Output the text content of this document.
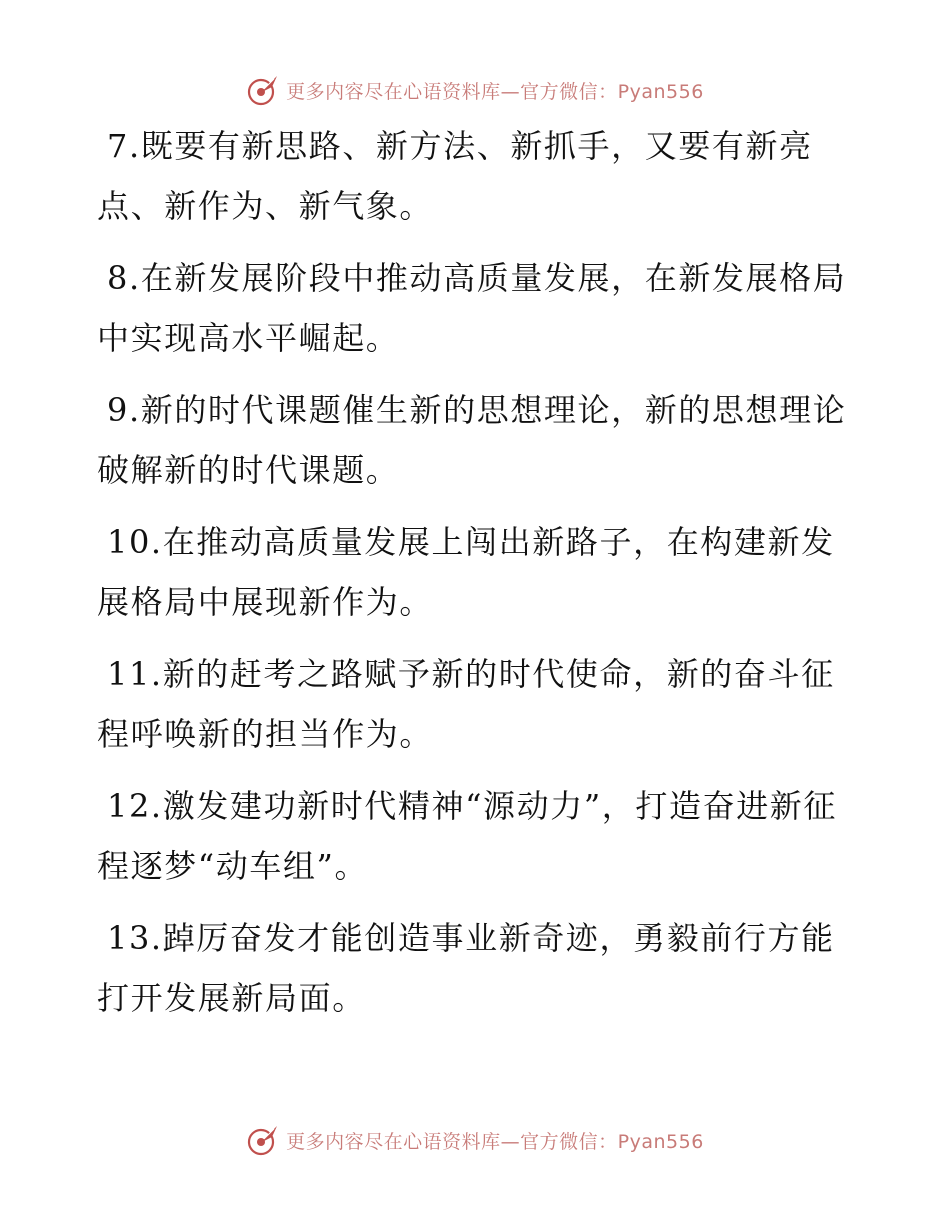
更多内容尽在心语资料库—官方微信：Pyan556

7.既要有新思路、新方法、新抓手，又要有新亮点、新作为、新气象。

8.在新发展阶段中推动高质量发展，在新发展格局中实现高水平崛起。

9.新的时代课题催生新的思想理论，新的思想理论破解新的时代课题。

10.在推动高质量发展上闯出新路子，在构建新发展格局中展现新作为。

11.新的赶考之路赋予新的时代使命，新的奋斗征程呼唤新的担当作为。

12.激发建功新时代精神“源动力”，打造奋进新征程逐梦“动车组”。

13.踔厉奋发才能创造事业新奇迹，勇毅前行方能打开发展新局面。

更多内容尽在心语资料库—官方微信：Pyan556
